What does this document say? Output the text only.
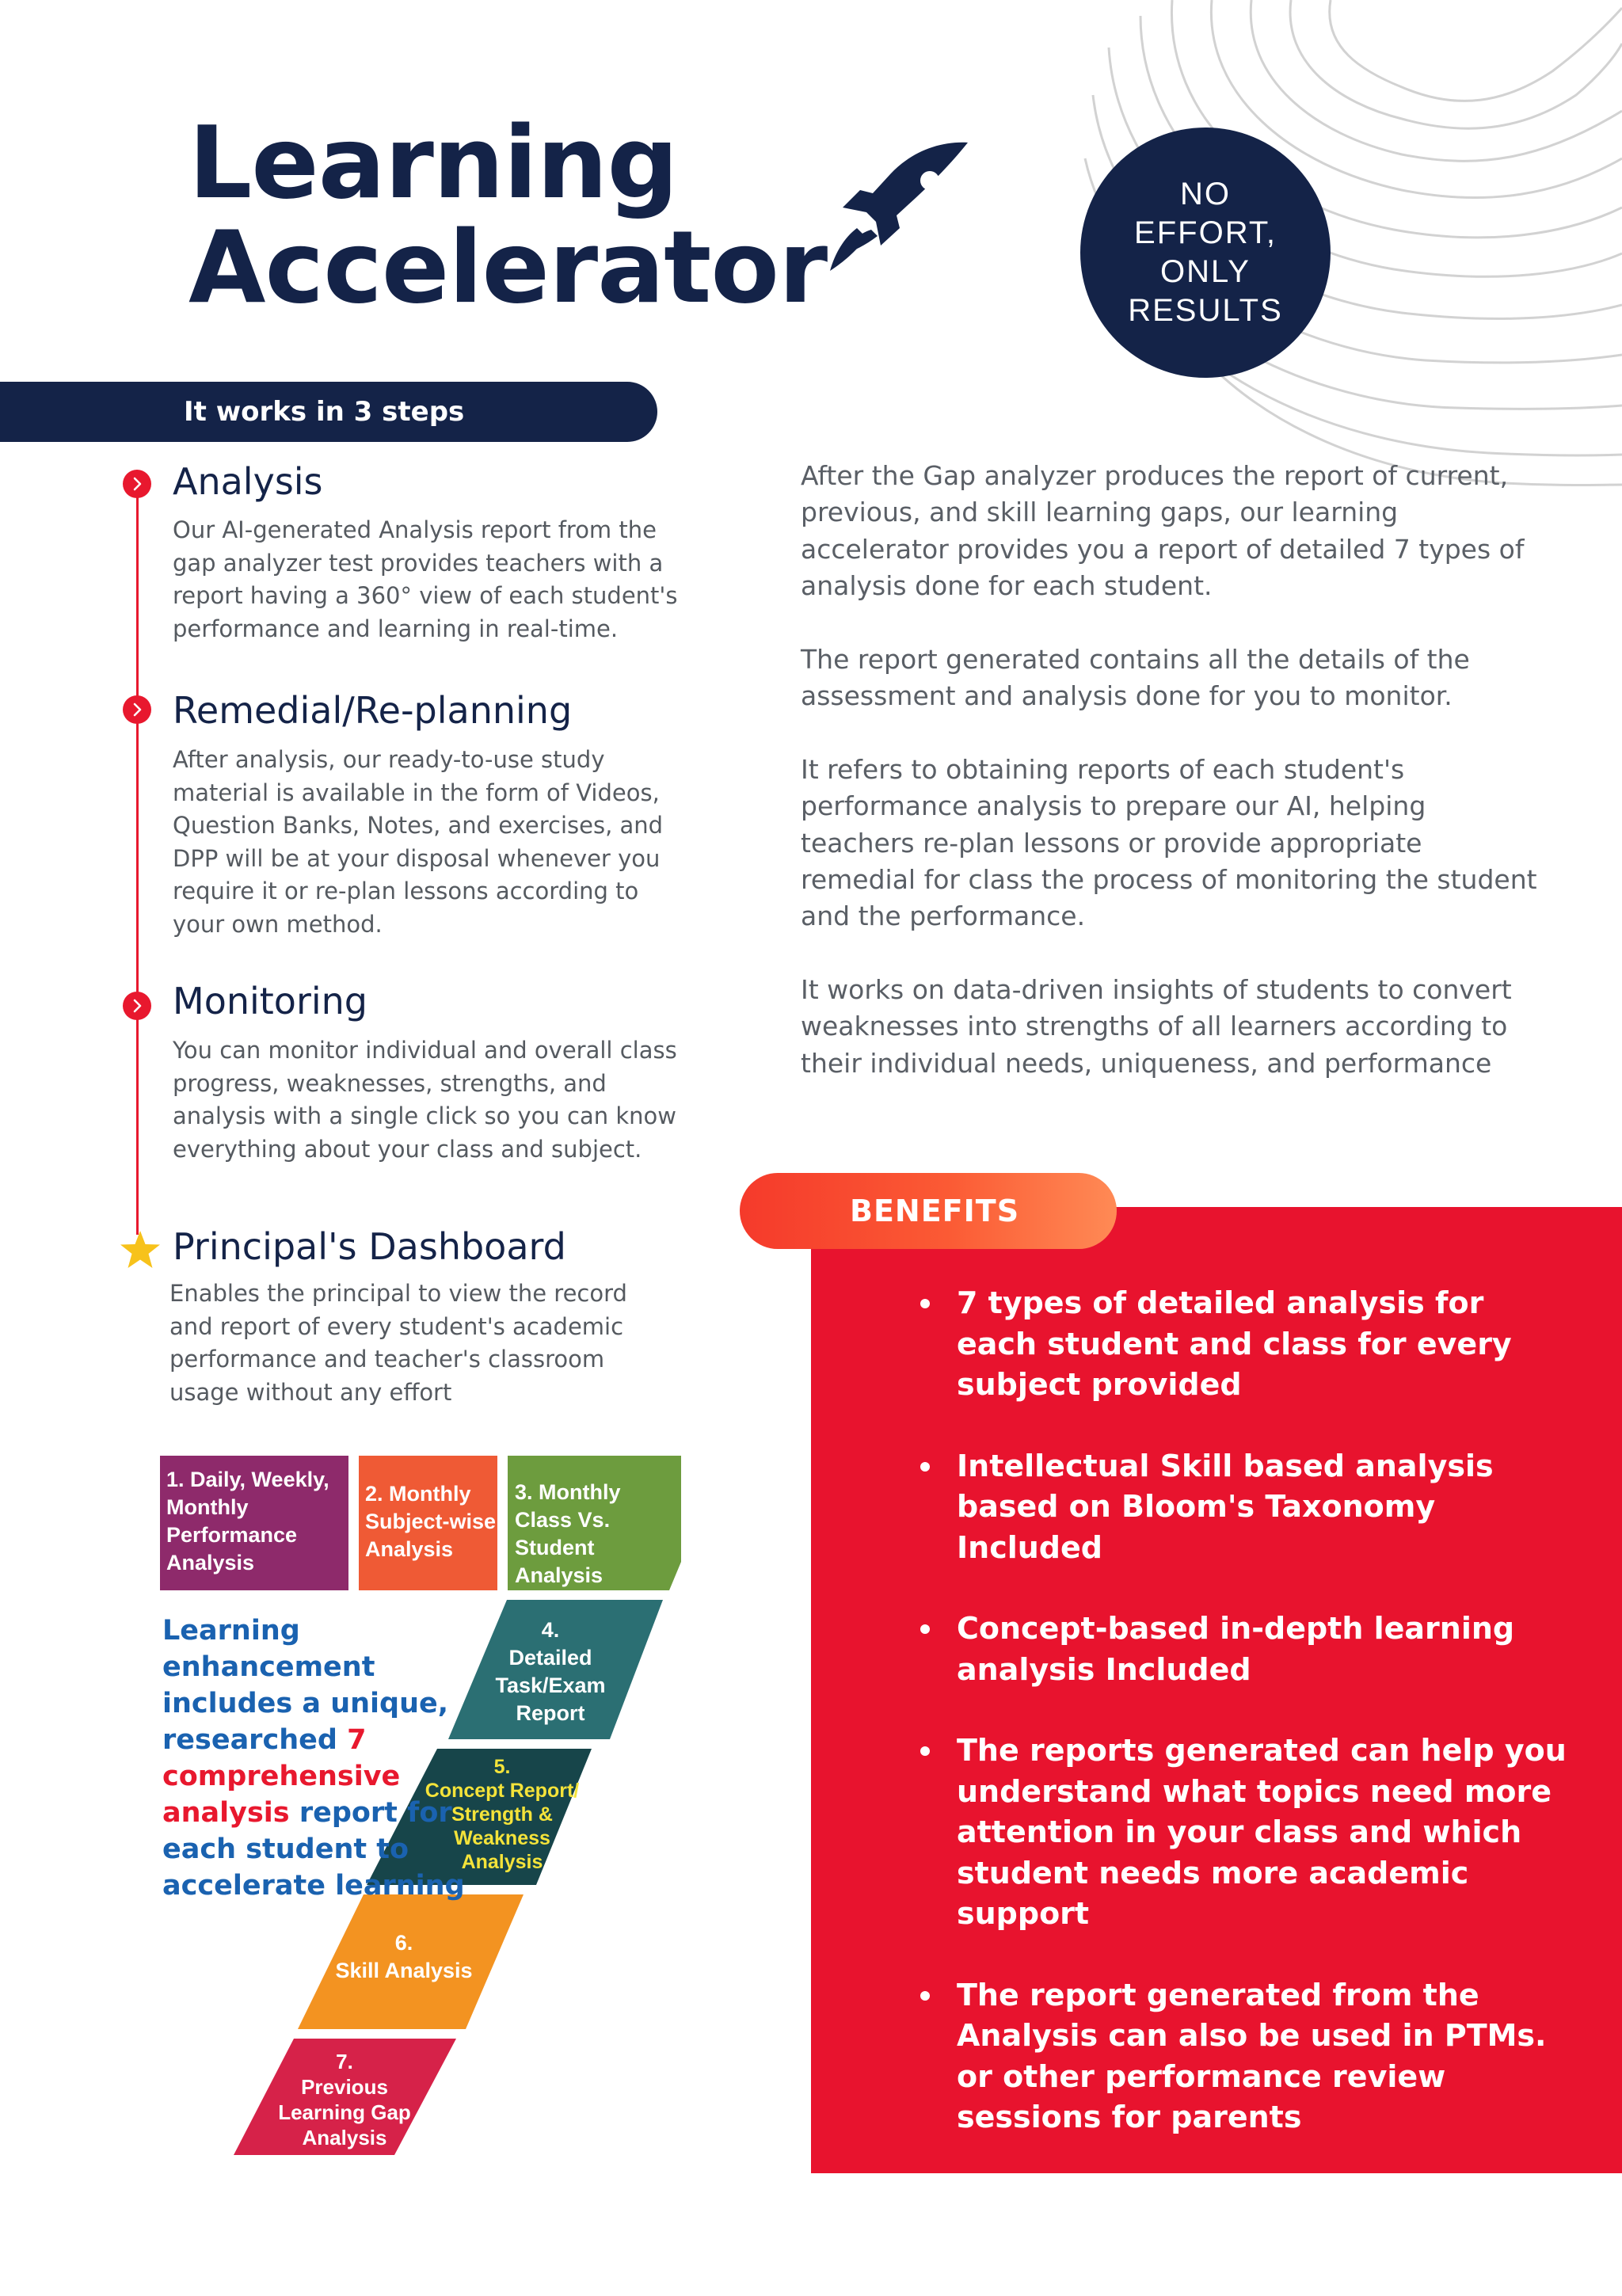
Learning
Accelerator
NO
EFFORT,
ONLY
RESULTS
It works in 3 steps
Analysis

Our AI-generated Analysis report from the gap analyzer test provides teachers with a report having a 360° view of each student's performance and learning in real-time.

Remedial/Re-planning

After analysis, our ready-to-use study material is available in the form of Videos, Question Banks, Notes, and exercises, and DPP will be at your disposal whenever you require it or re-plan lessons according to your own method.

Monitoring

You can monitor individual and overall class progress, weaknesses, strengths, and analysis with a single click so you can know everything about your class and subject.

Principal's Dashboard

Enables the principal to view the record and report of every student's academic performance and teacher's classroom usage without any effort

After the Gap analyzer produces the report of current, previous, and skill learning gaps, our learning accelerator provides you a report of detailed 7 types of analysis done for each student.

The report generated contains all the details of the assessment and analysis done for you to monitor.

It refers to obtaining reports of each student's performance analysis to prepare our AI, helping teachers re-plan lessons or provide appropriate remedial for class the process of monitoring the student and the performance.

It works on data-driven insights of students to convert weaknesses into strengths of all learners according to their individual needs, uniqueness, and performance

BENEFITS
7 types of detailed analysis for each student and class for every subject provided
Intellectual Skill based analysis based on Bloom's Taxonomy Included
Concept-based in-depth learning analysis Included
The reports generated can help you understand what topics need more attention in your class and which student needs more academic support
The report generated from the Analysis can also be used in PTMs. or other performance review sessions for parents
1. Daily, Weekly,
Monthly
Performance
Analysis
2. Monthly
Subject-wise
Analysis
3. Monthly
Class Vs. Student
Analysis
4.
Detailed
Task/Exam
Report
5.
Concept Report/
Strength &
Weakness
Analysis
6.
Skill Analysis
7.
Previous
Learning Gap
Analysis

Learning enhancement includes a unique, researched 7 comprehensive analysis report for each student to accelerate learning
